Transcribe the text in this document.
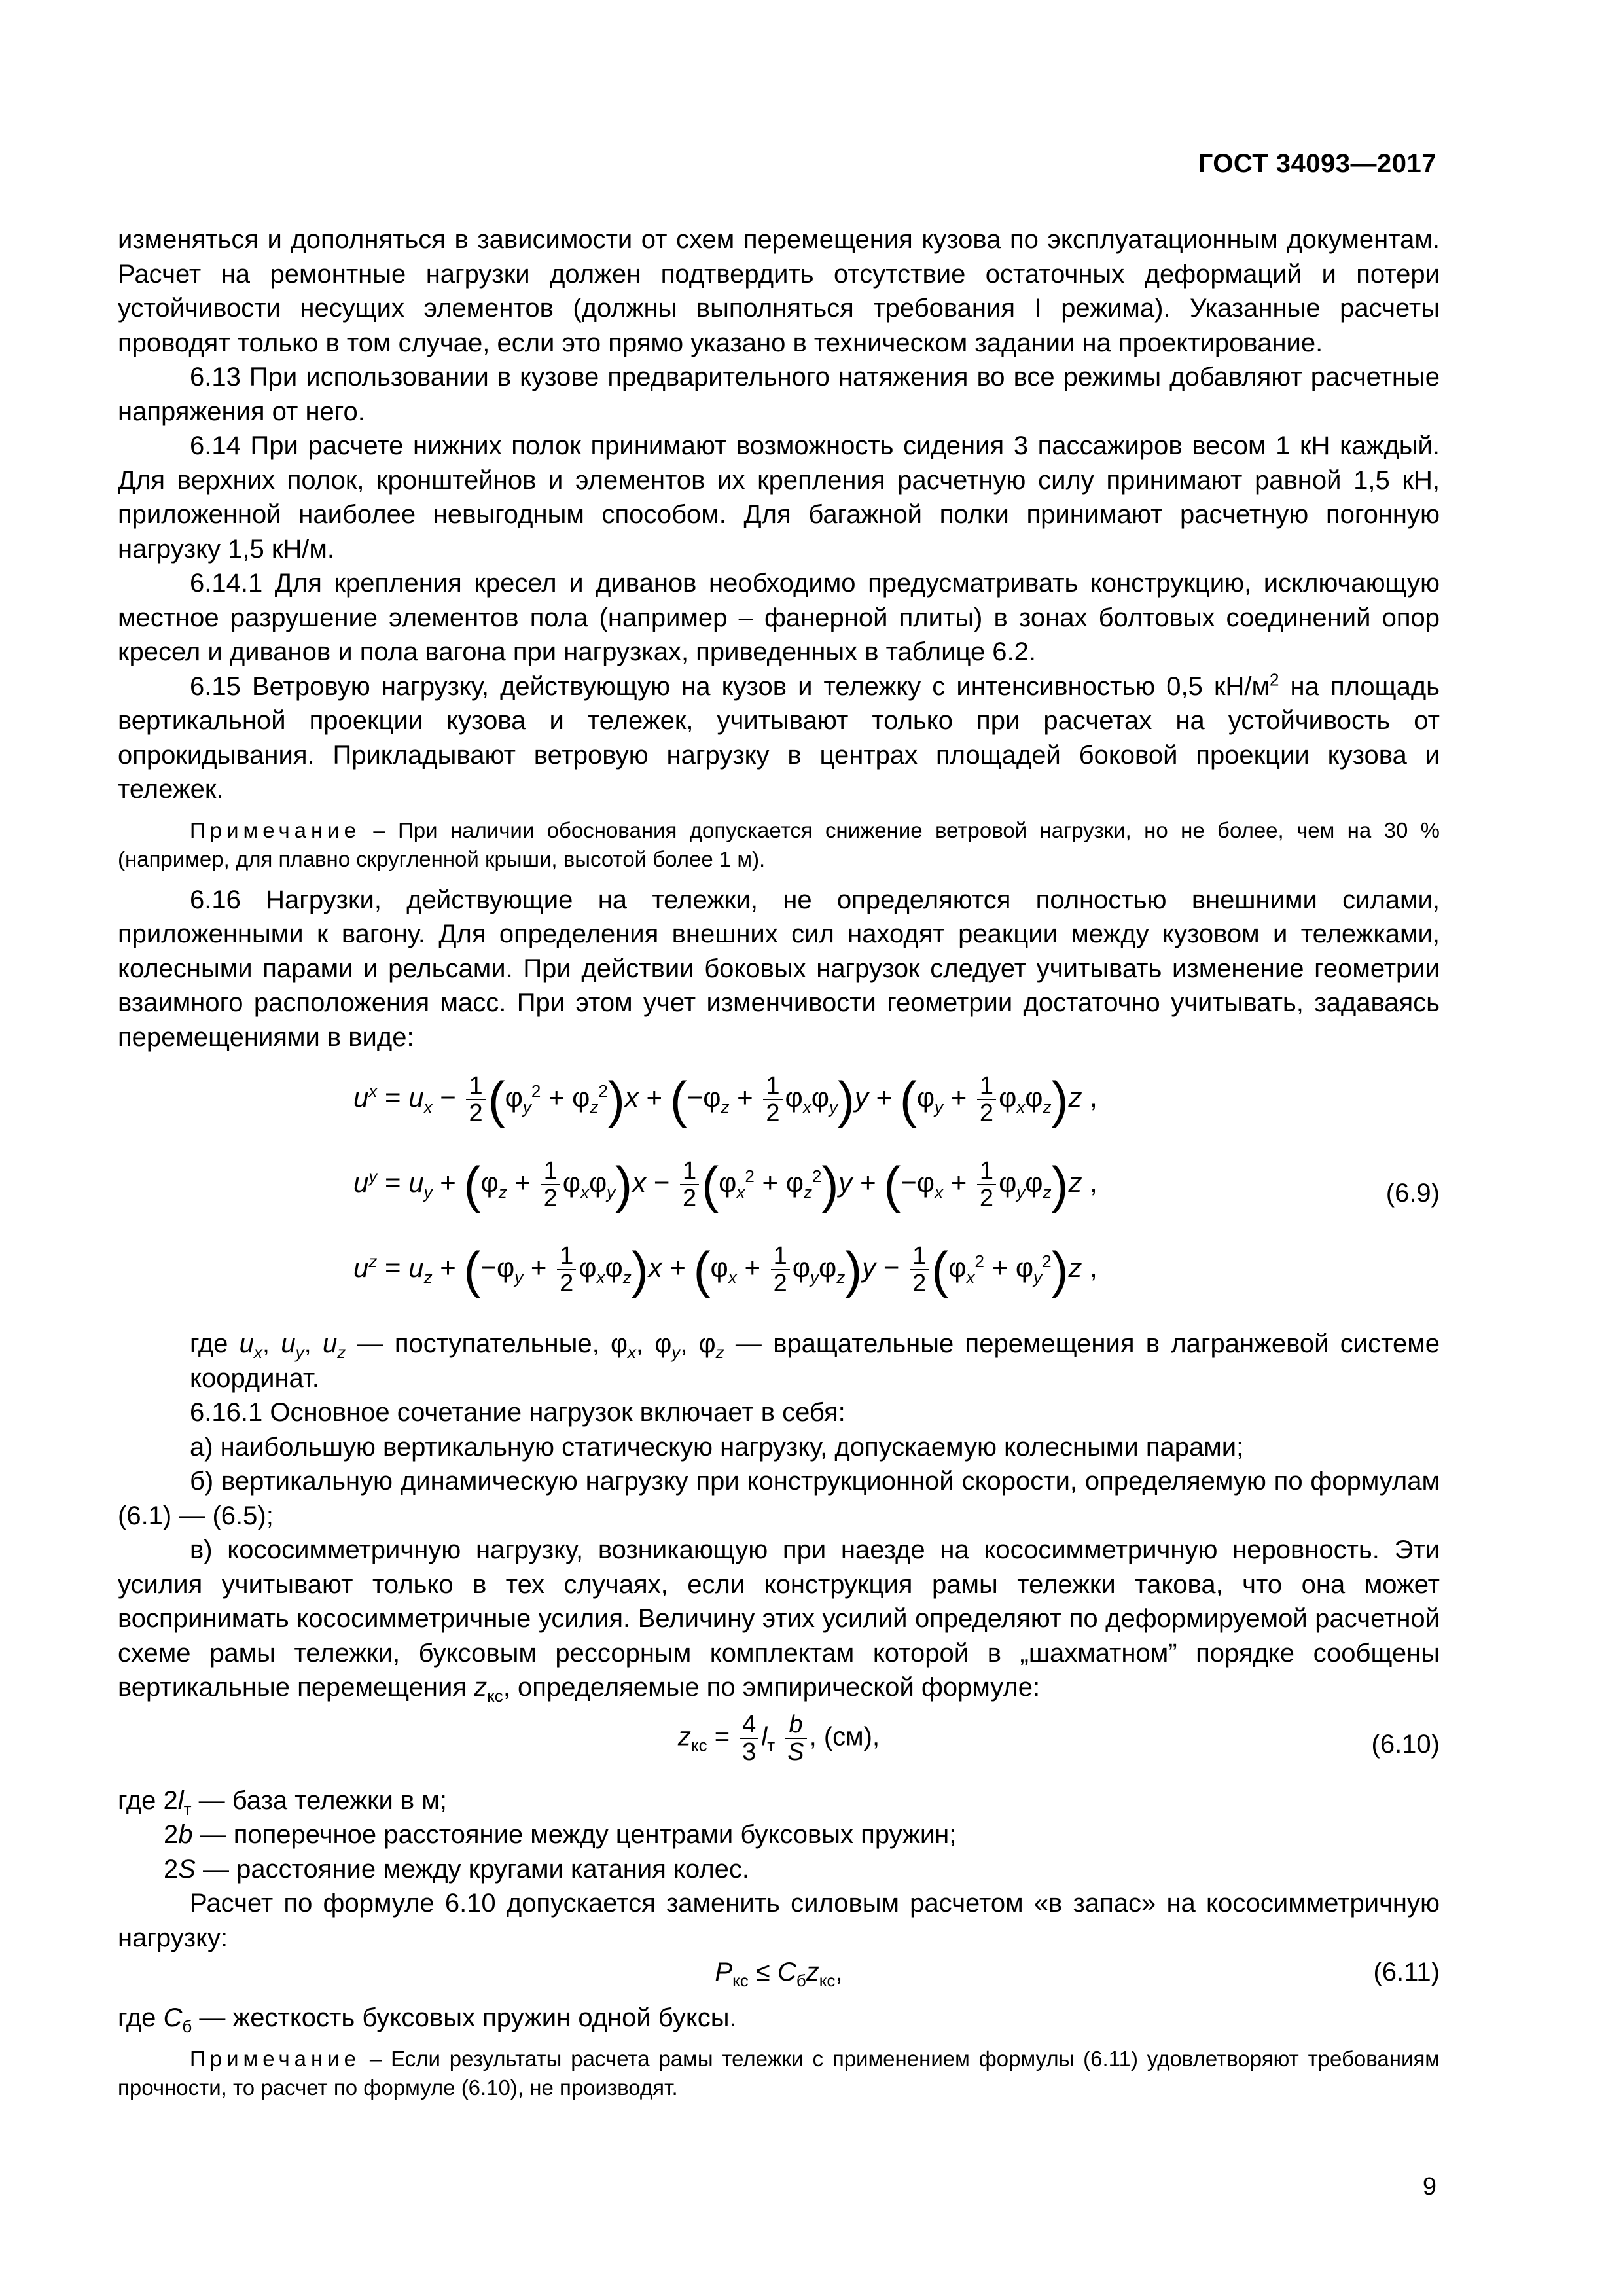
ГОСТ 34093—2017

изменяться и дополняться в зависимости от схем перемещения кузова по эксплуатационным документам. Расчет на ремонтные нагрузки должен подтвердить отсутствие остаточных деформаций и потери устойчивости несущих элементов (должны выполняться требования I режима). Указанные расчеты проводят только в том случае, если это прямо указано в техническом задании на проектирование.

6.13 При использовании в кузове предварительного натяжения во все режимы добавляют расчетные напряжения от него.

6.14 При расчете нижних полок принимают возможность сидения 3 пассажиров весом 1 кН каждый. Для верхних полок, кронштейнов и элементов их крепления расчетную силу принимают равной 1,5 кН, приложенной наиболее невыгодным способом. Для багажной полки принимают расчетную погонную нагрузку 1,5 кН/м.

6.14.1 Для крепления кресел и диванов необходимо предусматривать конструкцию, исключающую местное разрушение элементов пола (например – фанерной плиты) в зонах болтовых соединений опор кресел и диванов и пола вагона при нагрузках, приведенных в таблице 6.2.

6.15 Ветровую нагрузку, действующую на кузов и тележку с интенсивностью 0,5 $кН/м^2$ на площадь вертикальной проекции кузова и тележек, учитывают только при расчетах на устойчивость от опрокидывания. Прикладывают ветровую нагрузку в центрах площадей боковой проекции кузова и тележек.

Примечание – При наличии обоснования допускается снижение ветровой нагрузки, но не более, чем на 30 % (например, для плавно скругленной крыши, высотой более 1 м).

6.16 Нагрузки, действующие на тележки, не определяются полностью внешними силами, приложенными к вагону. Для определения внешних сил находят реакции между кузовом и тележками, колесными парами и рельсами. При действии боковых нагрузок следует учитывать изменение геометрии взаимного расположения масс. При этом учет изменчивости геометрии достаточно учитывать, задаваясь перемещениями в виде:

$u^x = u_x - \frac{1}{2} (\varphi_y^2 + \varphi_z^2)x + (-\varphi_z + \frac{1}{2} \varphi_x\varphi_y)y + (\varphi_y + \frac{1}{2} \varphi_x\varphi_z)z$ ,
$u^y = u_y + (\varphi_z + \frac{1}{2} \varphi_x\varphi_y)x - \frac{1}{2} (\varphi_x^2 + \varphi_z^2)y + (-\varphi_x + \frac{1}{2} \varphi_y\varphi_z)z$ ,	(6.9)
$u^z = u_z + (-\varphi_y + \frac{1}{2} \varphi_x\varphi_z)x + (\varphi_x + \frac{1}{2} \varphi_y\varphi_z)y - \frac{1}{2} (\varphi_x^2 + \varphi_y^2)z$ ,

где $u_x$, $u_y$, $u_z$ — поступательные, $\varphi_x$, $\varphi_y$, $\varphi_z$ — вращательные перемещения в лагранжевой системе координат.

6.16.1 Основное сочетание нагрузок включает в себя:

а) наибольшую вертикальную статическую нагрузку, допускаемую колесными парами;

б) вертикальную динамическую нагрузку при конструкционной скорости, определяемую по формулам (6.1) — (6.5);

в) кососимметричную нагрузку, возникающую при наезде на кососимметричную неровность. Эти усилия учитывают только в тех случаях, если конструкция рамы тележки такова, что она может воспринимать кососимметричные усилия. Величину этих усилий определяют по деформируемой расчетной схеме рамы тележки, буксовым рессорным комплектам которой в „шахматном” порядке сообщены вертикальные перемещения $z_{кс}$, определяемые по эмпирической формуле:

$z_{кс} = \frac{4}{3} l_т \frac{b}{S}$ , (см),	(6.10)

где $2l_т$ — база тележки в м;

2b — поперечное расстояние между центрами буксовых пружин;

2S — расстояние между кругами катания колес.

Расчет по формуле 6.10 допускается заменить силовым расчетом «в запас» на кососимметричную нагрузку:

$P_{кс} \le C_бz_{кс}$,	(6.11)

где $C_б$ — жесткость буксовых пружин одной буксы.

Примечание – Если результаты расчета рамы тележки с применением формулы (6.11) удовлетворяют требованиям прочности, то расчет по формуле (6.10), не производят.

9
